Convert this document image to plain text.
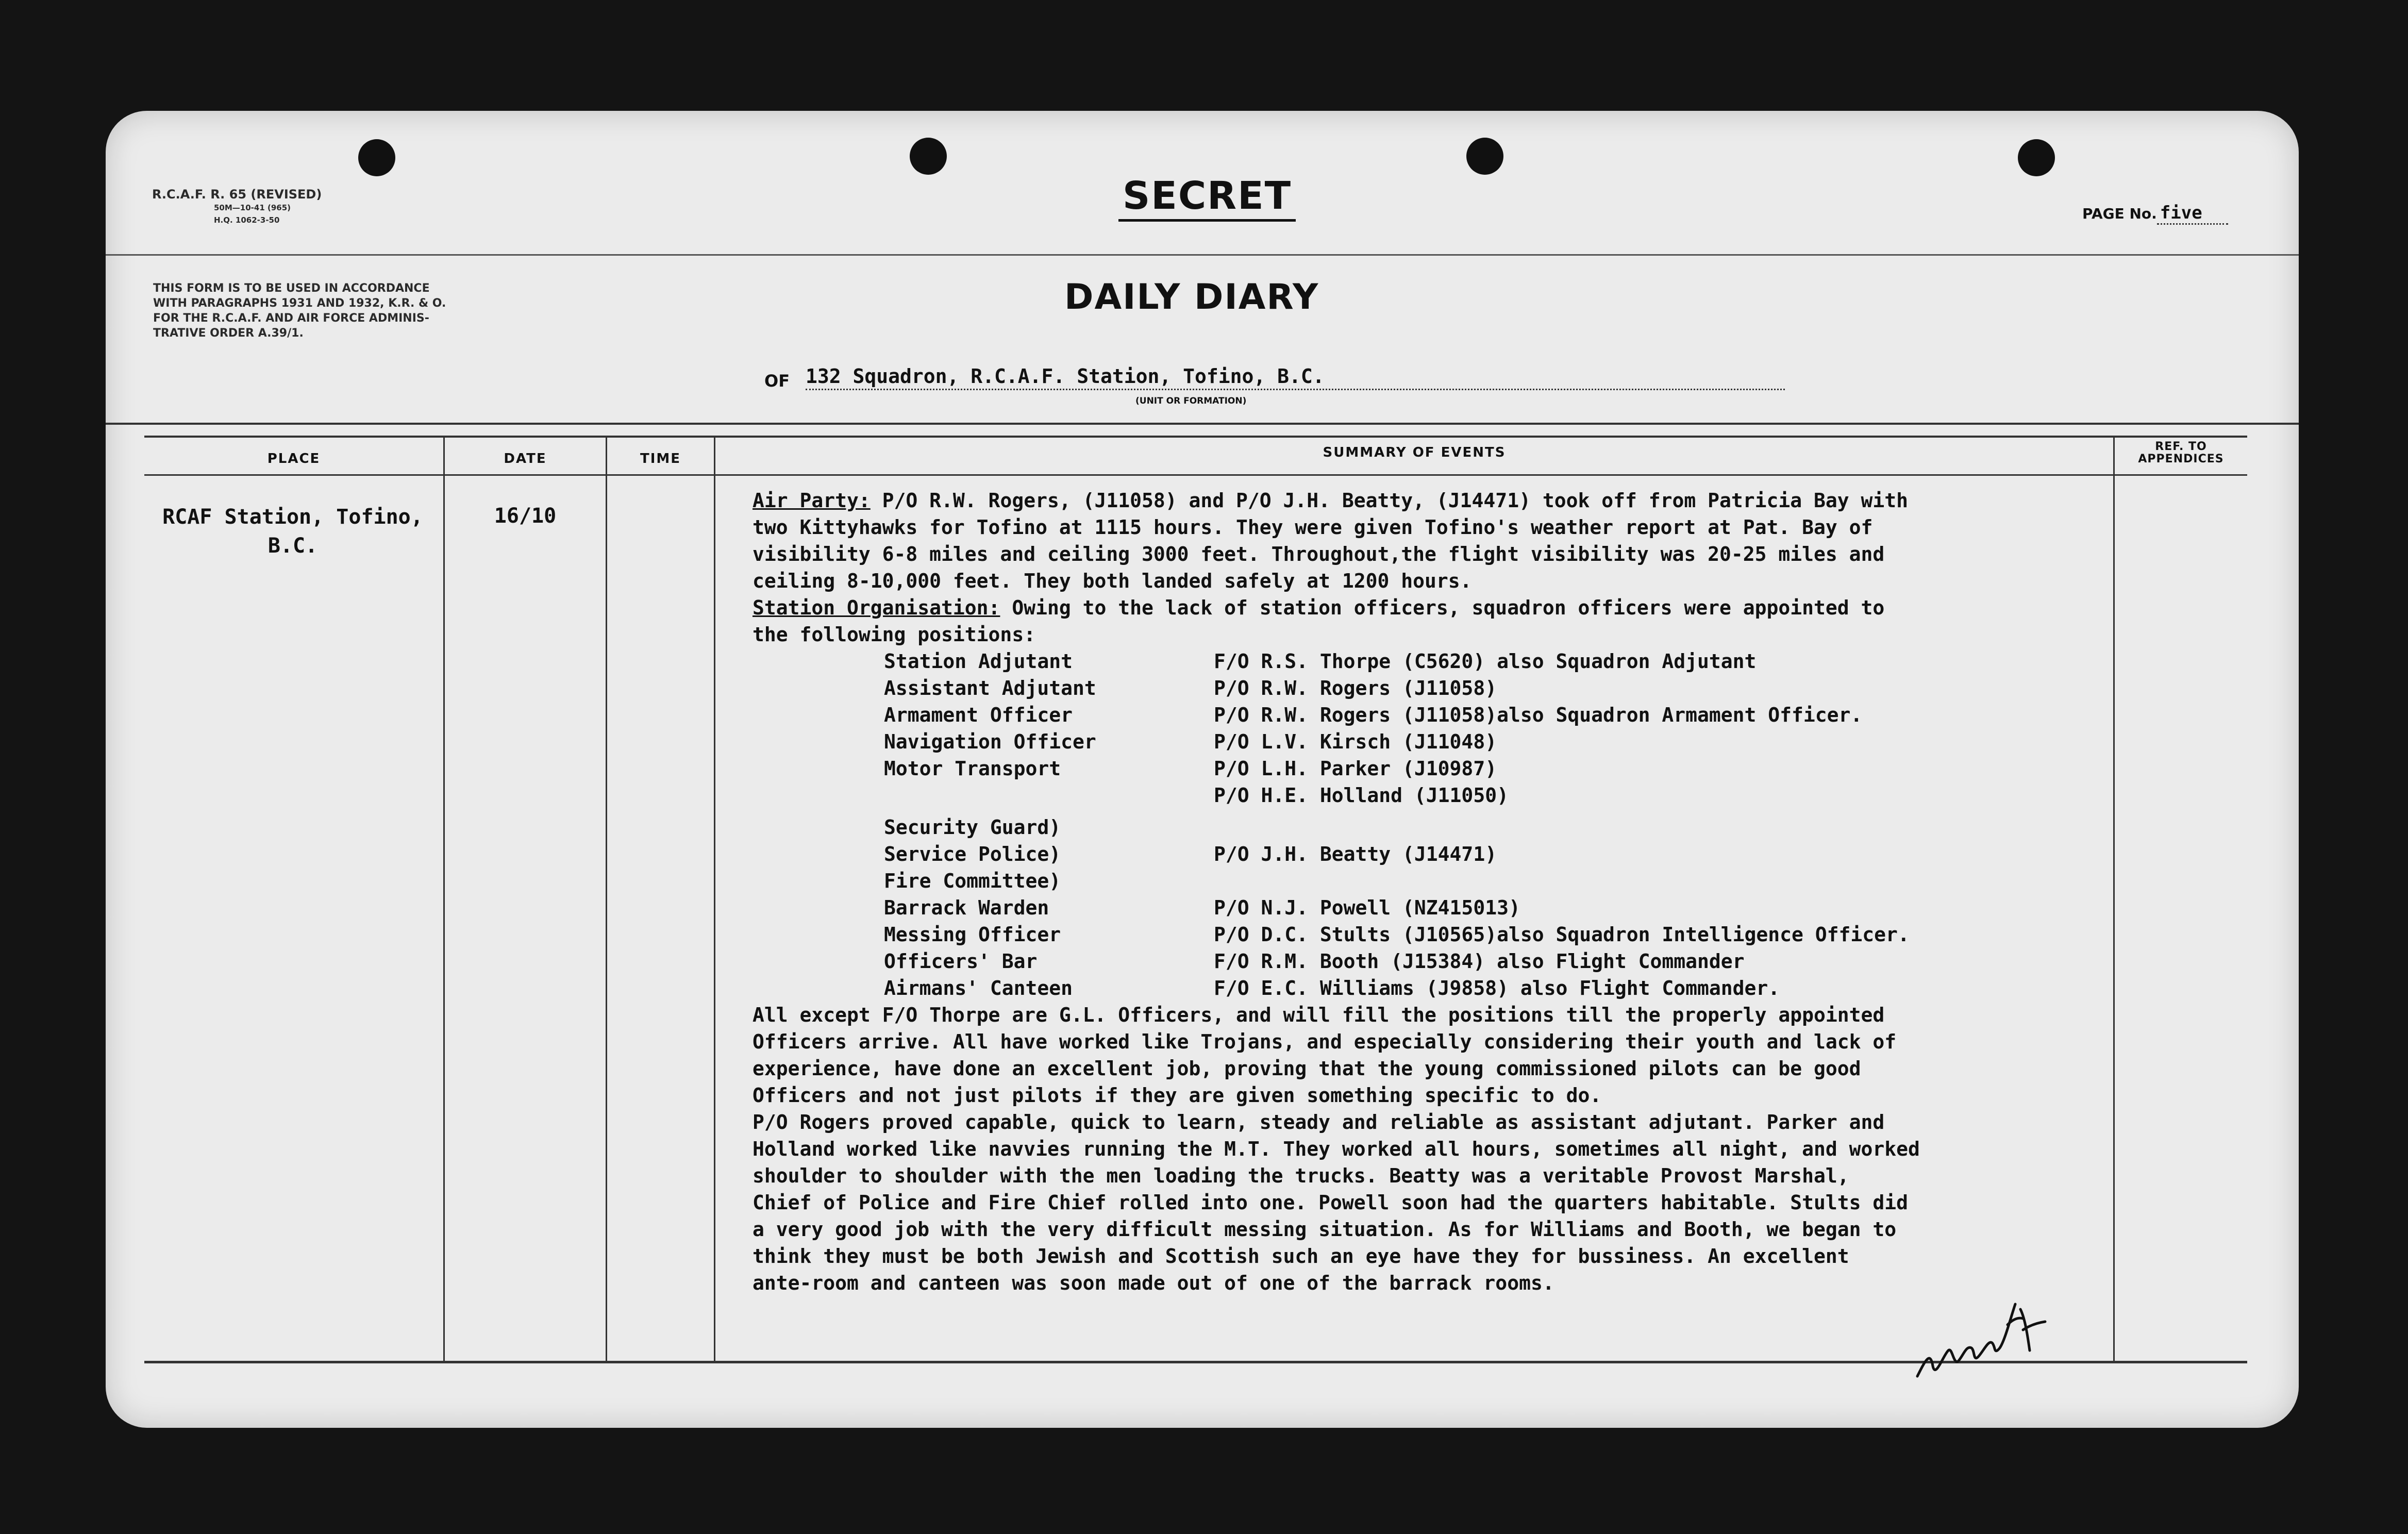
R.C.A.F. R. 65 (REVISED)
50M—10-41 (965)
H.Q. 1062-3-50
SECRET	PAGE No. five
THIS FORM IS TO BE USED IN ACCORDANCE
WITH PARAGRAPHS 1931 AND 1932, K.R. & O.
FOR THE R.C.A.F. AND AIR FORCE ADMINIS-
TRATIVE ORDER A.39/1.
DAILY DIARY
OF 132 Squadron, R.C.A.F. Station, Tofino, B.C.
(UNIT OR FORMATION)
PLACE	DATE	TIME	SUMMARY OF EVENTS	REF. TO
APPENDICES
RCAF Station, Tofino,
B.C.
16/10
Air Party: P/O R.W. Rogers, (J11058) and P/O J.H. Beatty, (J14471) took off from Patricia Bay with
two Kittyhawks for Tofino at 1115 hours. They were given Tofino's weather report at Pat. Bay of
visibility 6-8 miles and ceiling 3000 feet. Throughout,the flight visibility was 20-25 miles and
ceiling 8-10,000 feet. They both landed safely at 1200 hours.
Station Organisation: Owing to the lack of station officers, squadron officers were appointed to
the following positions:
Station Adjutant	F/O R.S. Thorpe (C5620) also Squadron Adjutant
Assistant Adjutant	P/O R.W. Rogers (J11058)
Armament Officer	P/O R.W. Rogers (J11058)also Squadron Armament Officer.
Navigation Officer	P/O L.V. Kirsch (J11048)
Motor Transport	P/O L.H. Parker (J10987)
P/O H.E. Holland (J11050)
Security Guard)
Service Police)	P/O J.H. Beatty (J14471)
Fire Committee)
Barrack Warden	P/O N.J. Powell (NZ415013)
Messing Officer	P/O D.C. Stults (J10565)also Squadron Intelligence Officer.
Officers' Bar	F/O R.M. Booth (J15384) also Flight Commander
Airmans' Canteen	F/O E.C. Williams (J9858) also Flight Commander.
All except F/O Thorpe are G.L. Officers, and will fill the positions till the properly appointed
Officers arrive. All have worked like Trojans, and especially considering their youth and lack of
experience, have done an excellent job, proving that the young commissioned pilots can be good
Officers and not just pilots if they are given something specific to do.
P/O Rogers proved capable, quick to learn, steady and reliable as assistant adjutant. Parker and
Holland worked like navvies running the M.T. They worked all hours, sometimes all night, and worked
shoulder to shoulder with the men loading the trucks. Beatty was a veritable Provost Marshal,
Chief of Police and Fire Chief rolled into one. Powell soon had the quarters habitable. Stults did
a very good job with the very difficult messing situation. As for Williams and Booth, we began to
think they must be both Jewish and Scottish such an eye have they for bussiness. An excellent
ante-room and canteen was soon made out of one of the barrack rooms.
